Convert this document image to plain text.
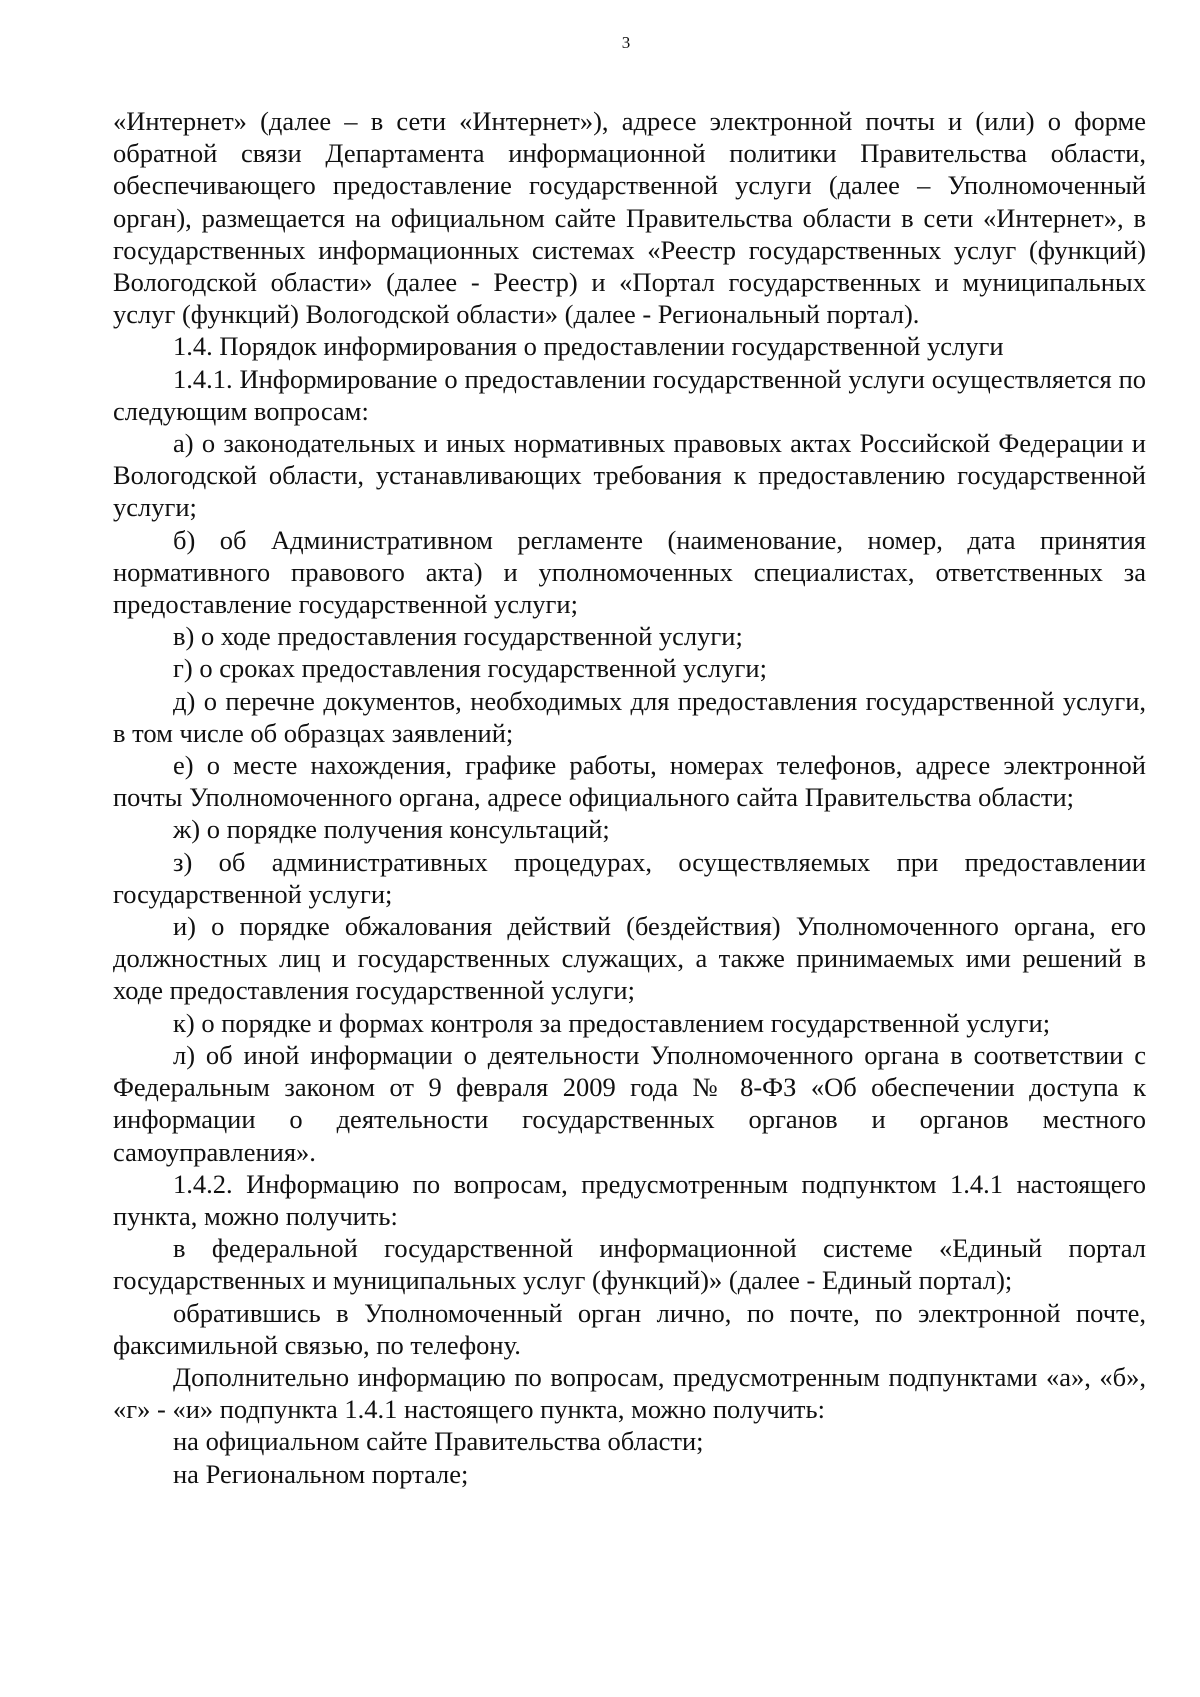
3

«Интернет» (далее – в сети «Интернет»), адресе электронной почты и (или) о форме обратной связи Департамента информационной политики Правительства области, обеспечивающего предоставление государственной услуги (далее – Уполномоченный орган), размещается на официальном сайте Правительства области в сети «Интернет», в государственных информационных системах «Реестр государственных услуг (функций) Вологодской области» (далее - Реестр) и «Портал государственных и муниципальных услуг (функций) Вологодской области» (далее - Региональный портал).

1.4. Порядок информирования о предоставлении государственной услуги

1.4.1. Информирование о предоставлении государственной услуги осуществляется по следующим вопросам:

а) о законодательных и иных нормативных правовых актах Российской Федерации и Вологодской области, устанавливающих требования к предоставлению государственной услуги;

б) об Административном регламенте (наименование, номер, дата принятия нормативного правового акта) и уполномоченных специалистах, ответственных за предоставление государственной услуги;

в) о ходе предоставления государственной услуги;

г) о сроках предоставления государственной услуги;

д) о перечне документов, необходимых для предоставления государственной услуги, в том числе об образцах заявлений;

е) о месте нахождения, графике работы, номерах телефонов, адресе электронной почты Уполномоченного органа, адресе официального сайта Правительства области;

ж) о порядке получения консультаций;

з) об административных процедурах, осуществляемых при предоставлении государственной услуги;

и) о порядке обжалования действий (бездействия) Уполномоченного органа, его должностных лиц и государственных служащих, а также принимаемых ими решений в ходе предоставления государственной услуги;

к) о порядке и формах контроля за предоставлением государственной услуги;

л) об иной информации о деятельности Уполномоченного органа в соответствии с Федеральным законом от 9 февраля 2009 года № 8-ФЗ «Об обеспечении доступа к информации о деятельности государственных органов и органов местного самоуправления».

1.4.2. Информацию по вопросам, предусмотренным подпунктом 1.4.1 настоящего пункта, можно получить:

в федеральной государственной информационной системе «Единый портал государственных и муниципальных услуг (функций)» (далее - Единый портал);

обратившись в Уполномоченный орган лично, по почте, по электронной почте, факсимильной связью, по телефону.

Дополнительно информацию по вопросам, предусмотренным подпунктами «а», «б», «г» - «и» подпункта 1.4.1 настоящего пункта, можно получить:

на официальном сайте Правительства области;

на Региональном портале;
